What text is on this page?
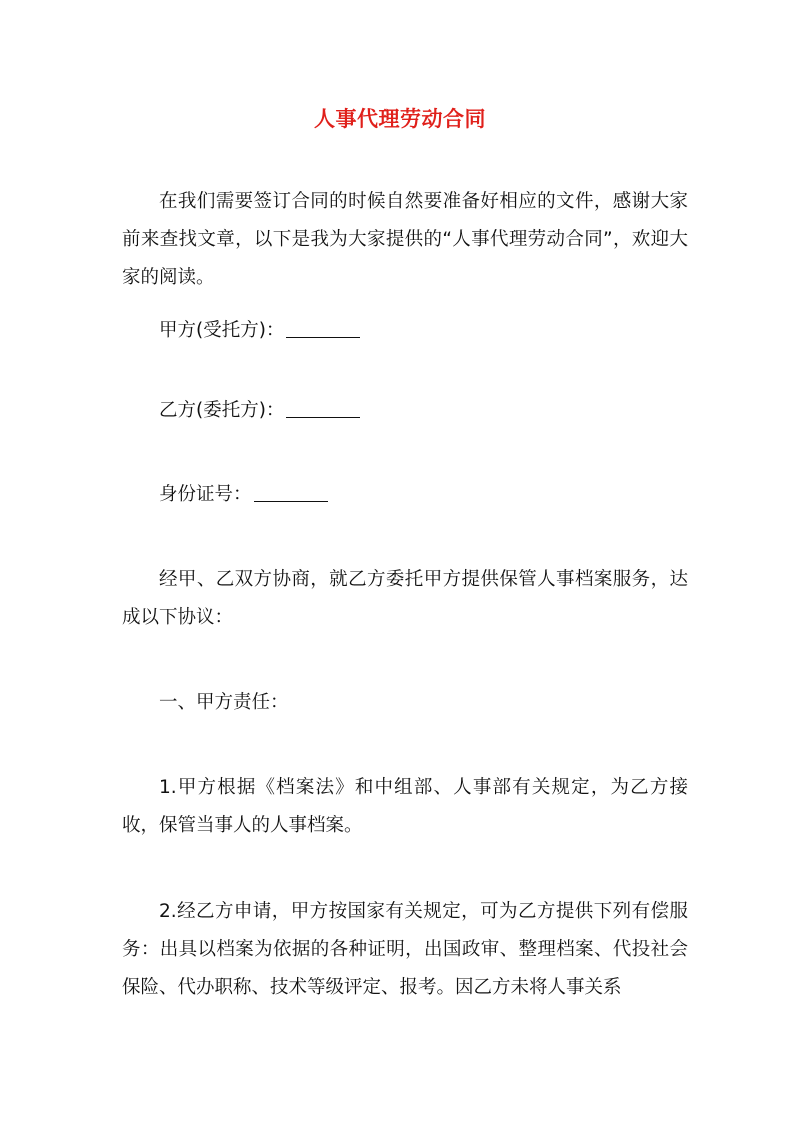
人事代理劳动合同
在我们需要签订合同的时候自然要准备好相应的文件，感谢大家前来查找文章，以下是我为大家提供的“人事代理劳动合同”，欢迎大家的阅读。
甲方(受托方)：
乙方(委托方)：
身份证号：
经甲、乙双方协商，就乙方委托甲方提供保管人事档案服务，达成以下协议：
一、甲方责任：
1.甲方根据《档案法》和中组部、人事部有关规定，为乙方接收，保管当事人的人事档案。
2.经乙方申请，甲方按国家有关规定，可为乙方提供下列有偿服务：出具以档案为依据的各种证明，出国政审、整理档案、代投社会保险、代办职称、技术等级评定、报考。因乙方未将人事关系
